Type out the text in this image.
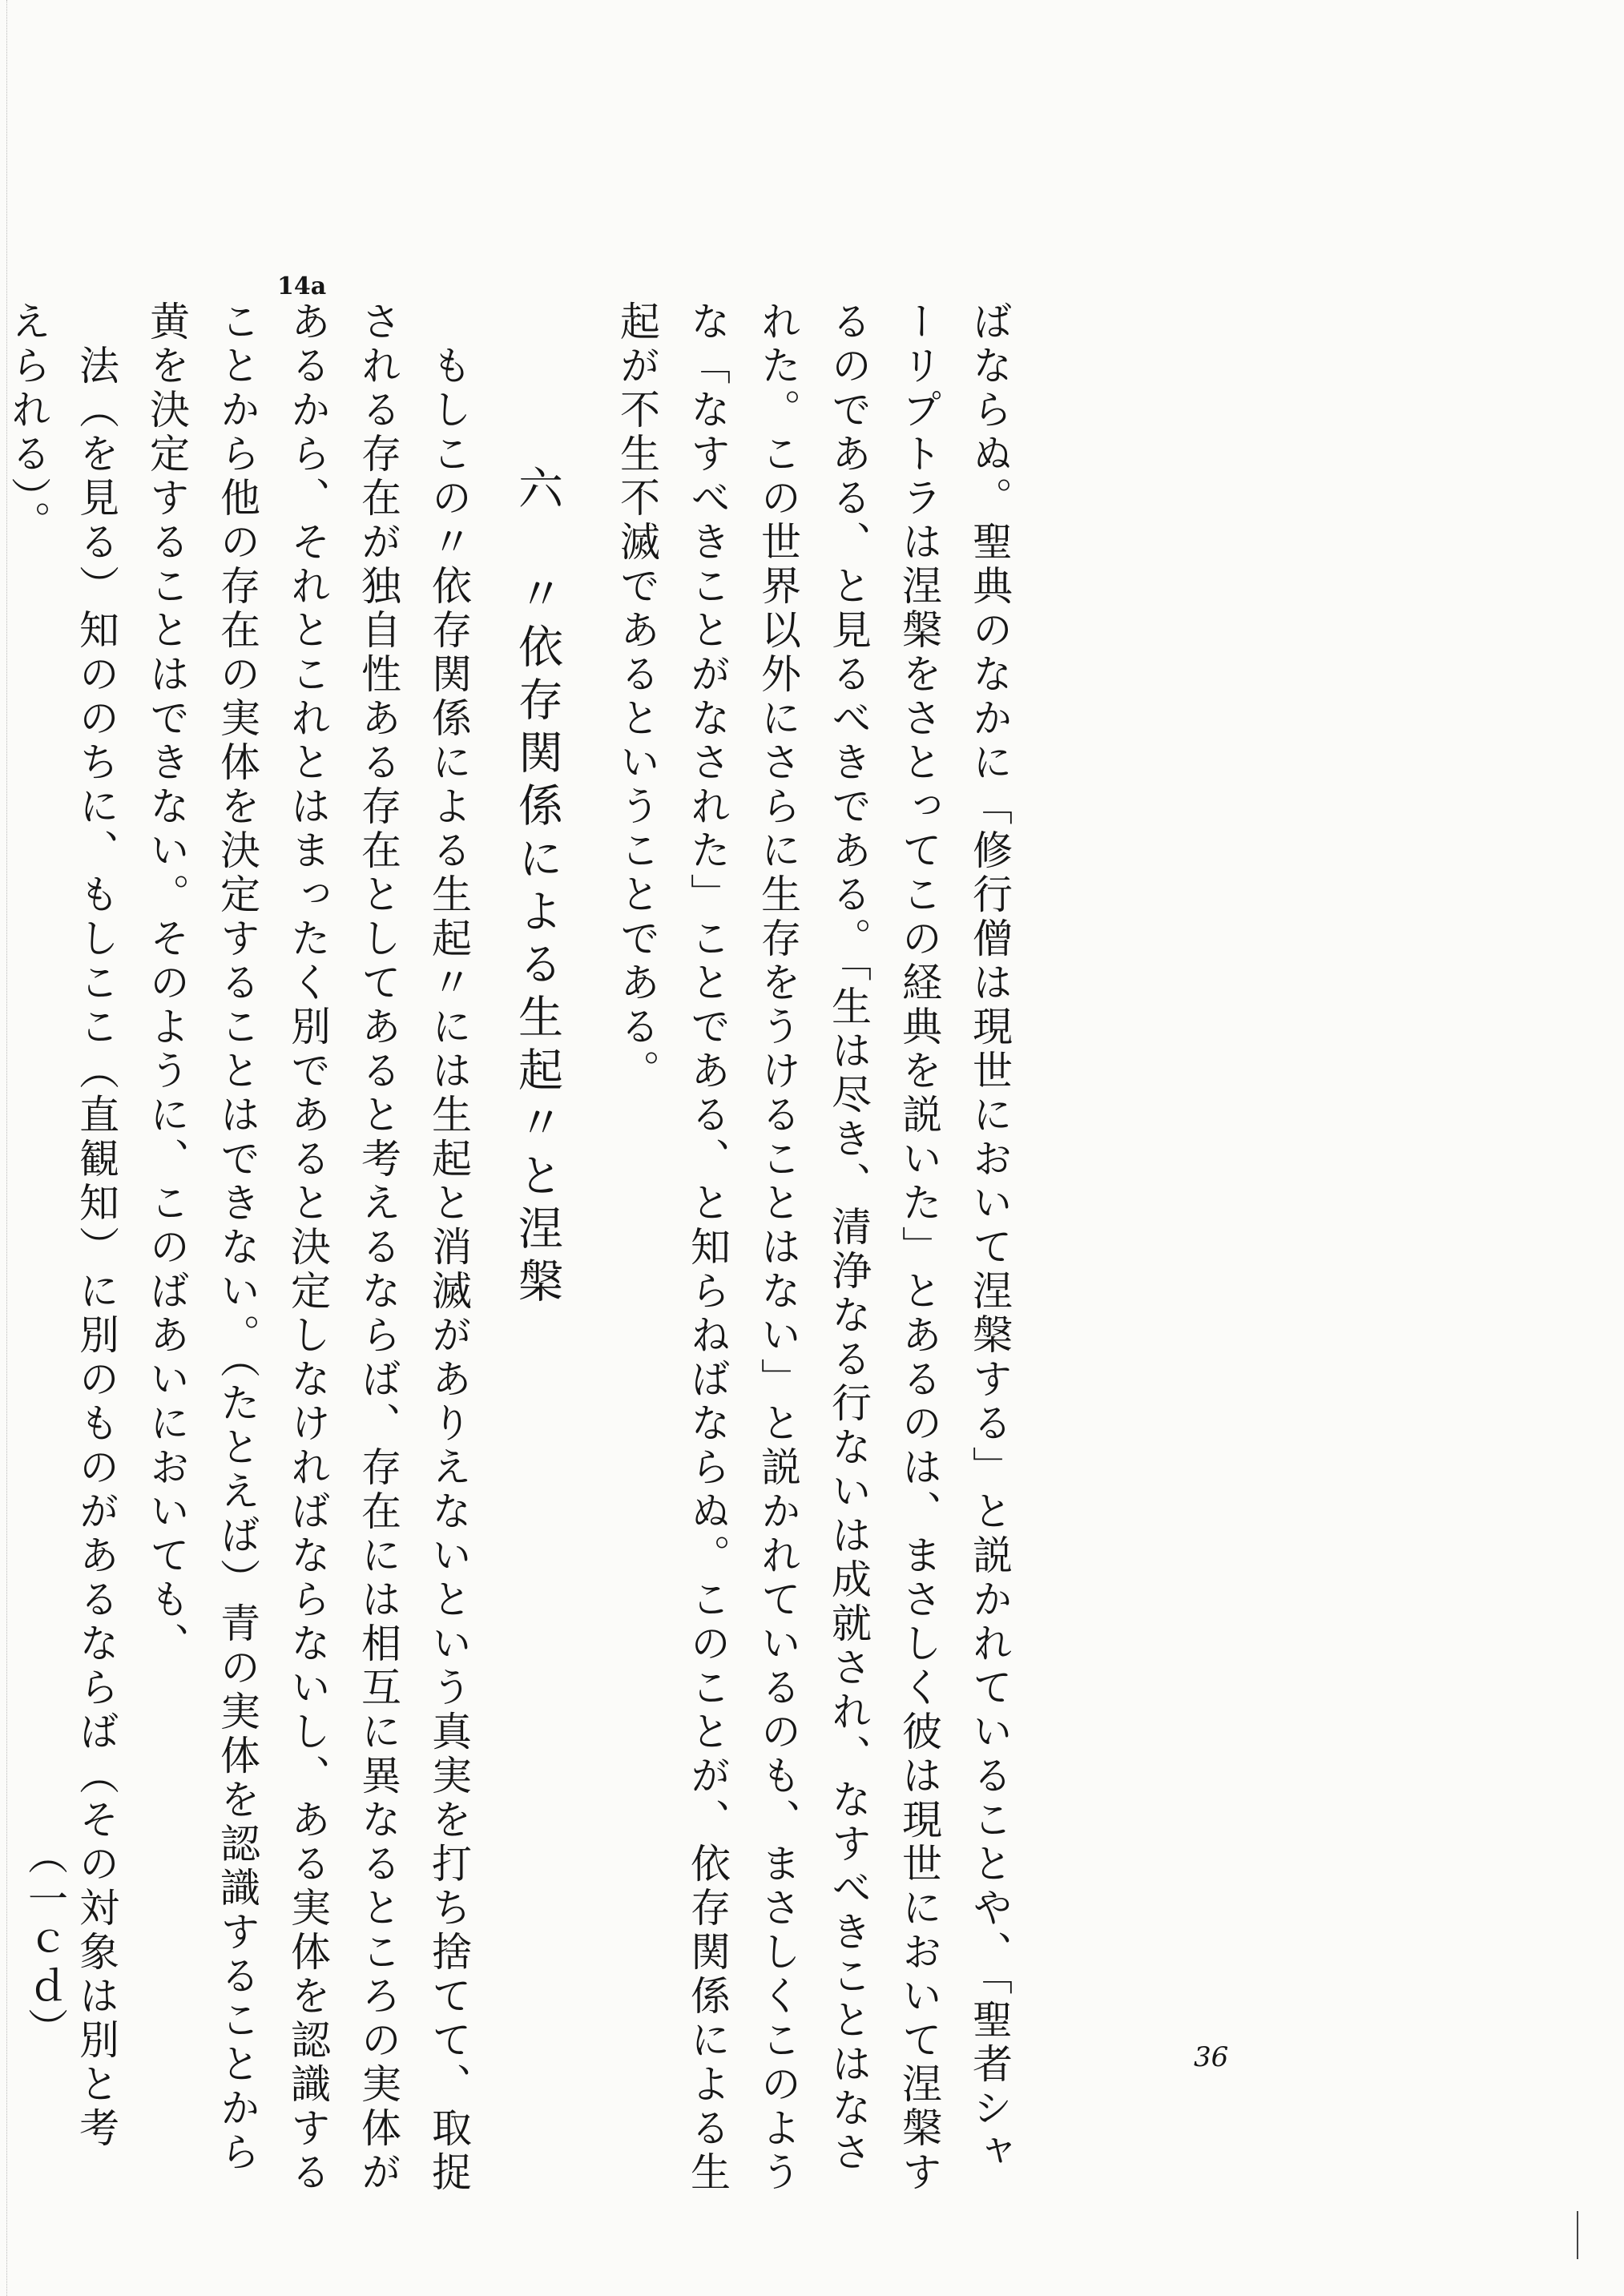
ばならぬ。聖典のなかに「修行僧は現世において涅槃する」と説かれていることや、「聖者シャ
ーリプトラは涅槃をさとってこの経典を説いた」とあるのは、まさしく彼は現世において涅槃す
るのである、と見るべきである。「生は尽き、清浄なる行ないは成就され、なすべきことはなさ
れた。この世界以外にさらに生存をうけることはない」と説かれているのも、まさしくこのよう
な「なすべきことがなされた」ことである、と知らねばならぬ。このことが、依存関係による生
起が不生不滅であるということである。
六　〃依存関係による生起〃と涅槃
もしこの〃依存関係による生起〃には生起と消滅がありえないという真実を打ち捨てて、取捉
される存在が独自性ある存在としてあると考えるならば、存在には相互に異なるところの実体が
あるから、それとこれとはまったく別であると決定しなければならないし、ある実体を認識する
ことから他の存在の実体を決定することはできない。（たとえば）青の実体を認識することから
黄を決定することはできない。そのように、このばあいにおいても、
法（を見る）知ののちに、もしここ（直観知）に別のものがあるならば（その対象は別と考
えられる）。
（一ｃｄ）
14a
36
